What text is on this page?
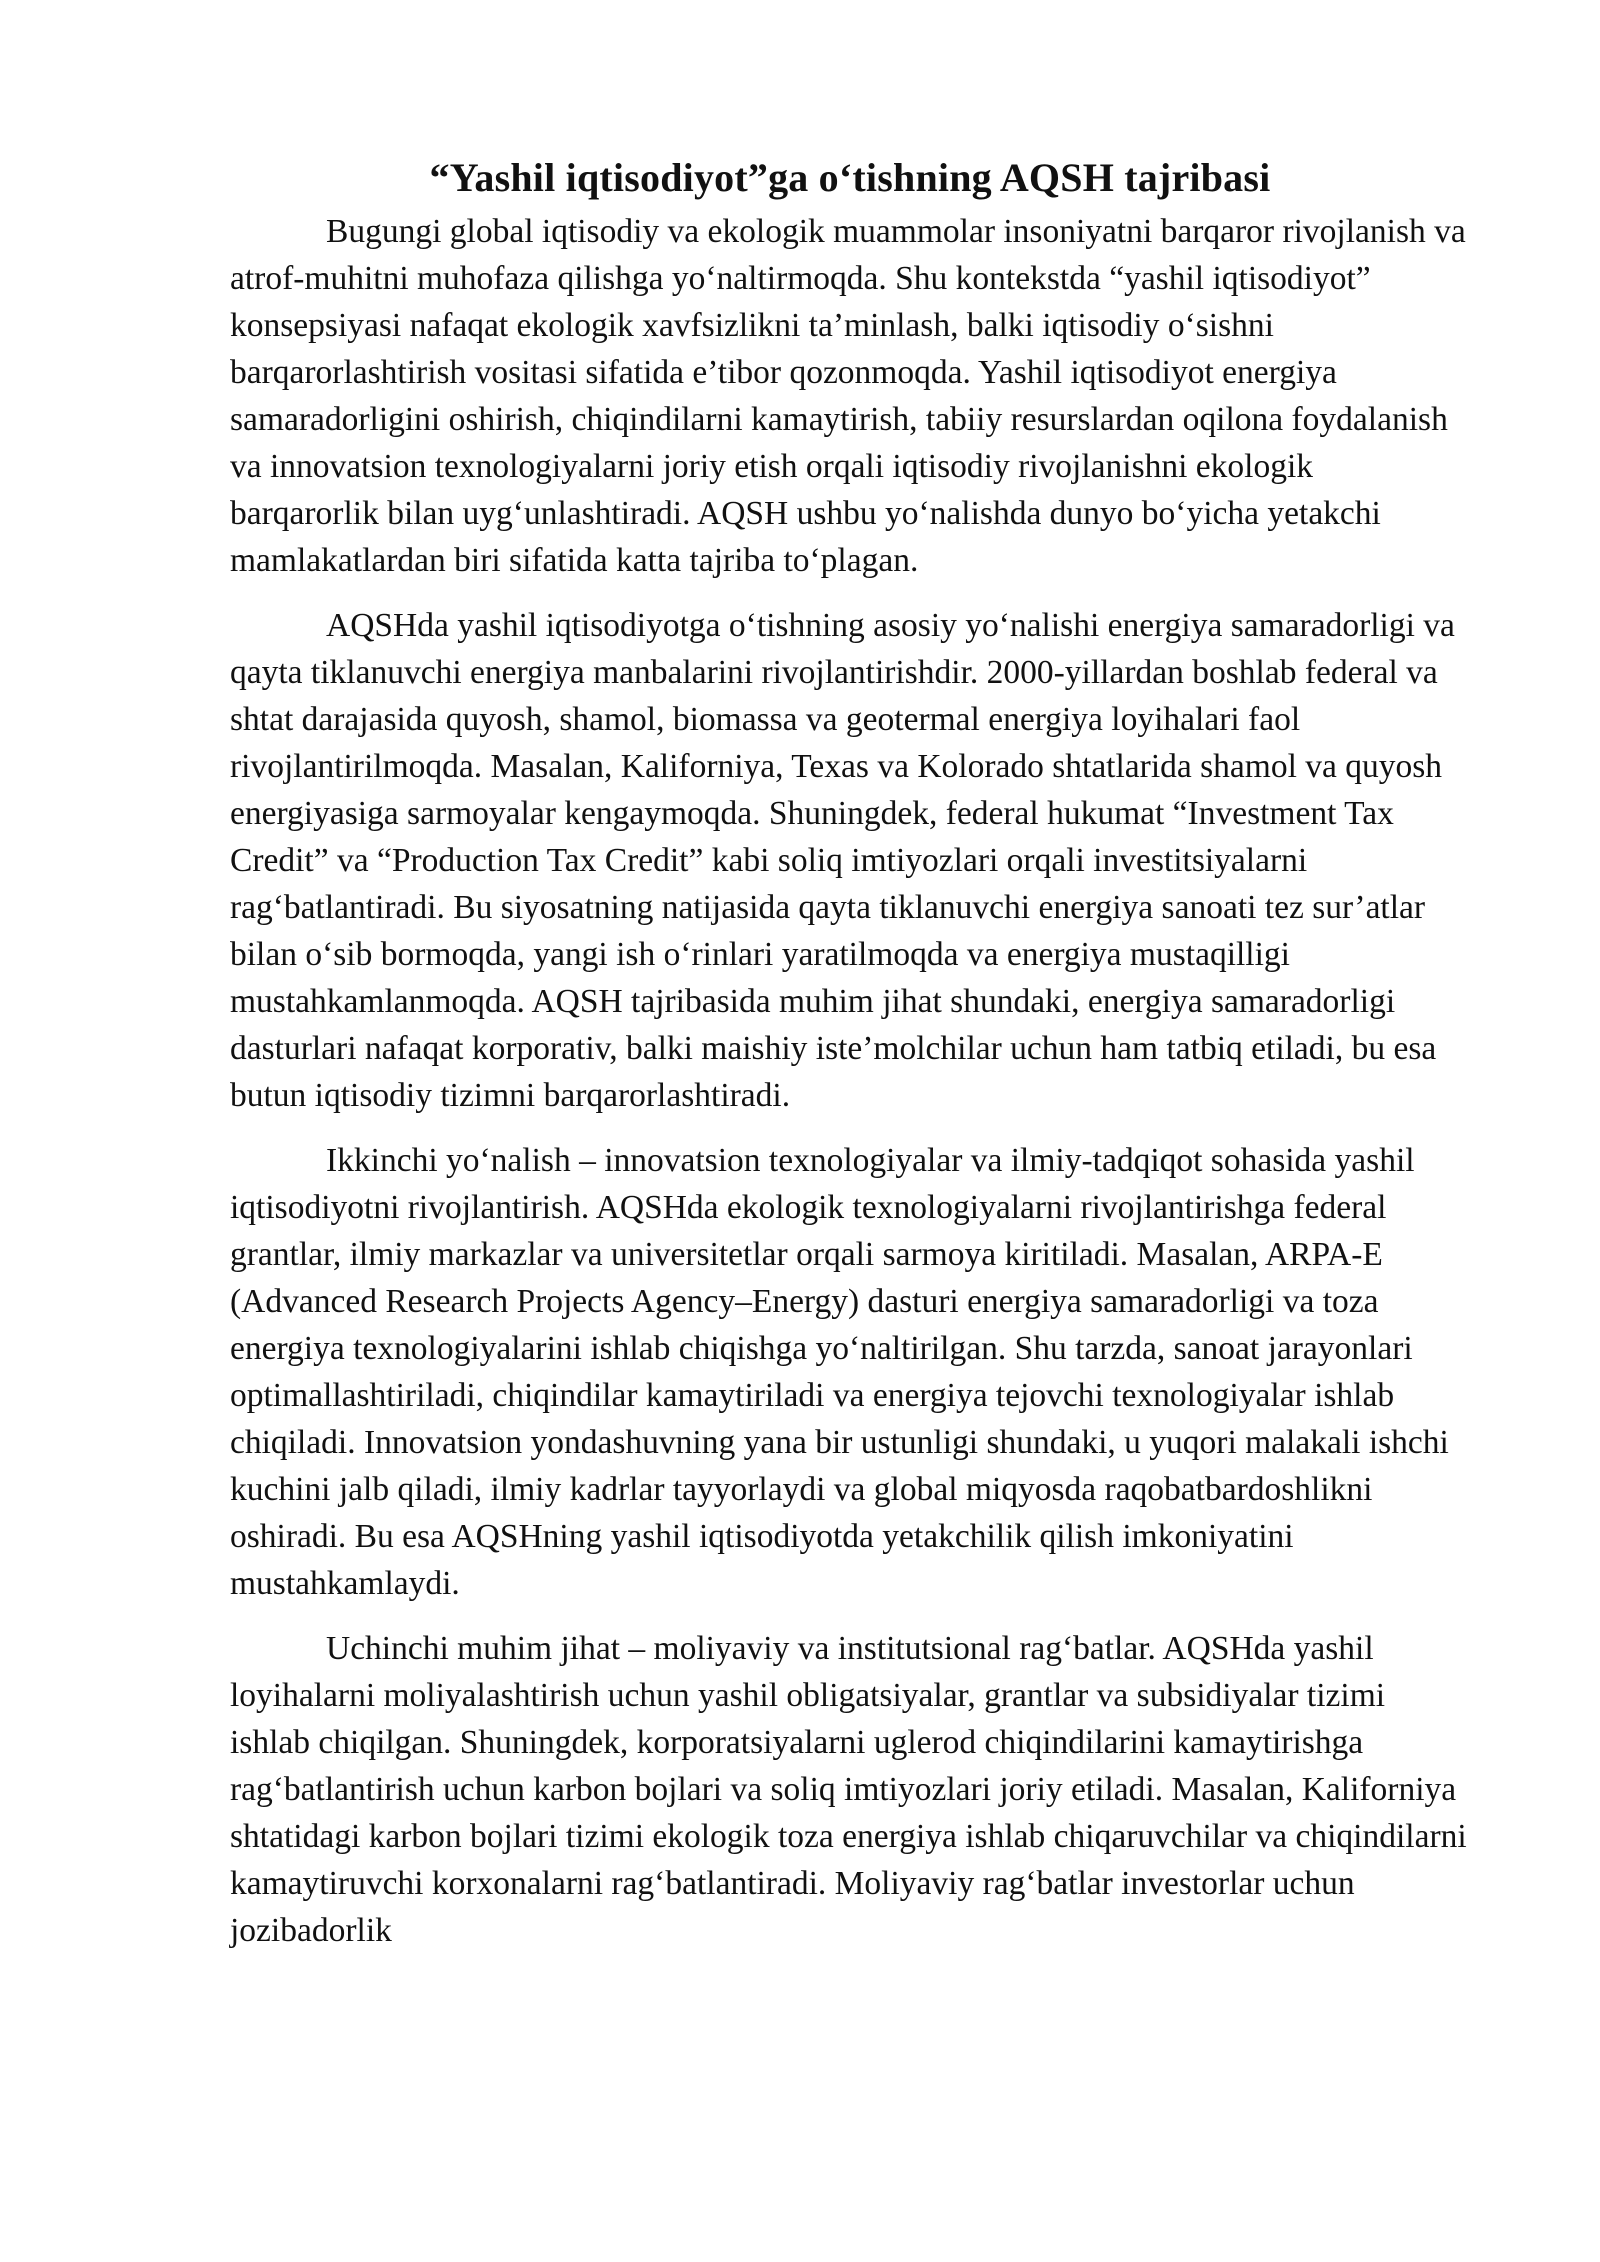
“Yashil iqtisodiyot”ga o‘tishning AQSH tajribasi

Bugungi global iqtisodiy va ekologik muammolar insoniyatni barqaror rivojlanish va atrof-muhitni muhofaza qilishga yo‘naltirmoqda. Shu kontekstda “yashil iqtisodiyot” konsepsiyasi nafaqat ekologik xavfsizlikni ta’minlash, balki iqtisodiy o‘sishni barqarorlashtirish vositasi sifatida e’tibor qozonmoqda. Yashil iqtisodiyot energiya samaradorligini oshirish, chiqindilarni kamaytirish, tabiiy resurslardan oqilona foydalanish va innovatsion texnologiyalarni joriy etish orqali iqtisodiy rivojlanishni ekologik barqarorlik bilan uyg‘unlashtiradi. AQSH ushbu yo‘nalishda dunyo bo‘yicha yetakchi mamlakatlardan biri sifatida katta tajriba to‘plagan.

AQSHda yashil iqtisodiyotga o‘tishning asosiy yo‘nalishi energiya samaradorligi va qayta tiklanuvchi energiya manbalarini rivojlantirishdir. 2000-yillardan boshlab federal va shtat darajasida quyosh, shamol, biomassa va geotermal energiya loyihalari faol rivojlantirilmoqda. Masalan, Kaliforniya, Texas va Kolorado shtatlarida shamol va quyosh energiyasiga sarmoyalar kengaymoqda. Shuningdek, federal hukumat “Investment Tax Credit” va “Production Tax Credit” kabi soliq imtiyozlari orqali investitsiyalarni rag‘batlantiradi. Bu siyosatning natijasida qayta tiklanuvchi energiya sanoati tez sur’atlar bilan o‘sib bormoqda, yangi ish o‘rinlari yaratilmoqda va energiya mustaqilligi mustahkamlanmoqda. AQSH tajribasida muhim jihat shundaki, energiya samaradorligi dasturlari nafaqat korporativ, balki maishiy iste’molchilar uchun ham tatbiq etiladi, bu esa butun iqtisodiy tizimni barqarorlashtiradi.

Ikkinchi yo‘nalish – innovatsion texnologiyalar va ilmiy-tadqiqot sohasida yashil iqtisodiyotni rivojlantirish. AQSHda ekologik texnologiyalarni rivojlantirishga federal grantlar, ilmiy markazlar va universitetlar orqali sarmoya kiritiladi. Masalan, ARPA-E (Advanced Research Projects Agency–Energy) dasturi energiya samaradorligi va toza energiya texnologiyalarini ishlab chiqishga yo‘naltirilgan. Shu tarzda, sanoat jarayonlari optimallashtiriladi, chiqindilar kamaytiriladi va energiya tejovchi texnologiyalar ishlab chiqiladi. Innovatsion yondashuvning yana bir ustunligi shundaki, u yuqori malakali ishchi kuchini jalb qiladi, ilmiy kadrlar tayyorlaydi va global miqyosda raqobatbardoshlikni oshiradi. Bu esa AQSHning yashil iqtisodiyotda yetakchilik qilish imkoniyatini mustahkamlaydi.

Uchinchi muhim jihat – moliyaviy va institutsional rag‘batlar. AQSHda yashil loyihalarni moliyalashtirish uchun yashil obligatsiyalar, grantlar va subsidiyalar tizimi ishlab chiqilgan. Shuningdek, korporatsiyalarni uglerod chiqindilarini kamaytirishga rag‘batlantirish uchun karbon bojlari va soliq imtiyozlari joriy etiladi. Masalan, Kaliforniya shtatidagi karbon bojlari tizimi ekologik toza energiya ishlab chiqaruvchilar va chiqindilarni kamaytiruvchi korxonalarni rag‘batlantiradi. Moliyaviy rag‘batlar investorlar uchun jozibadorlik
